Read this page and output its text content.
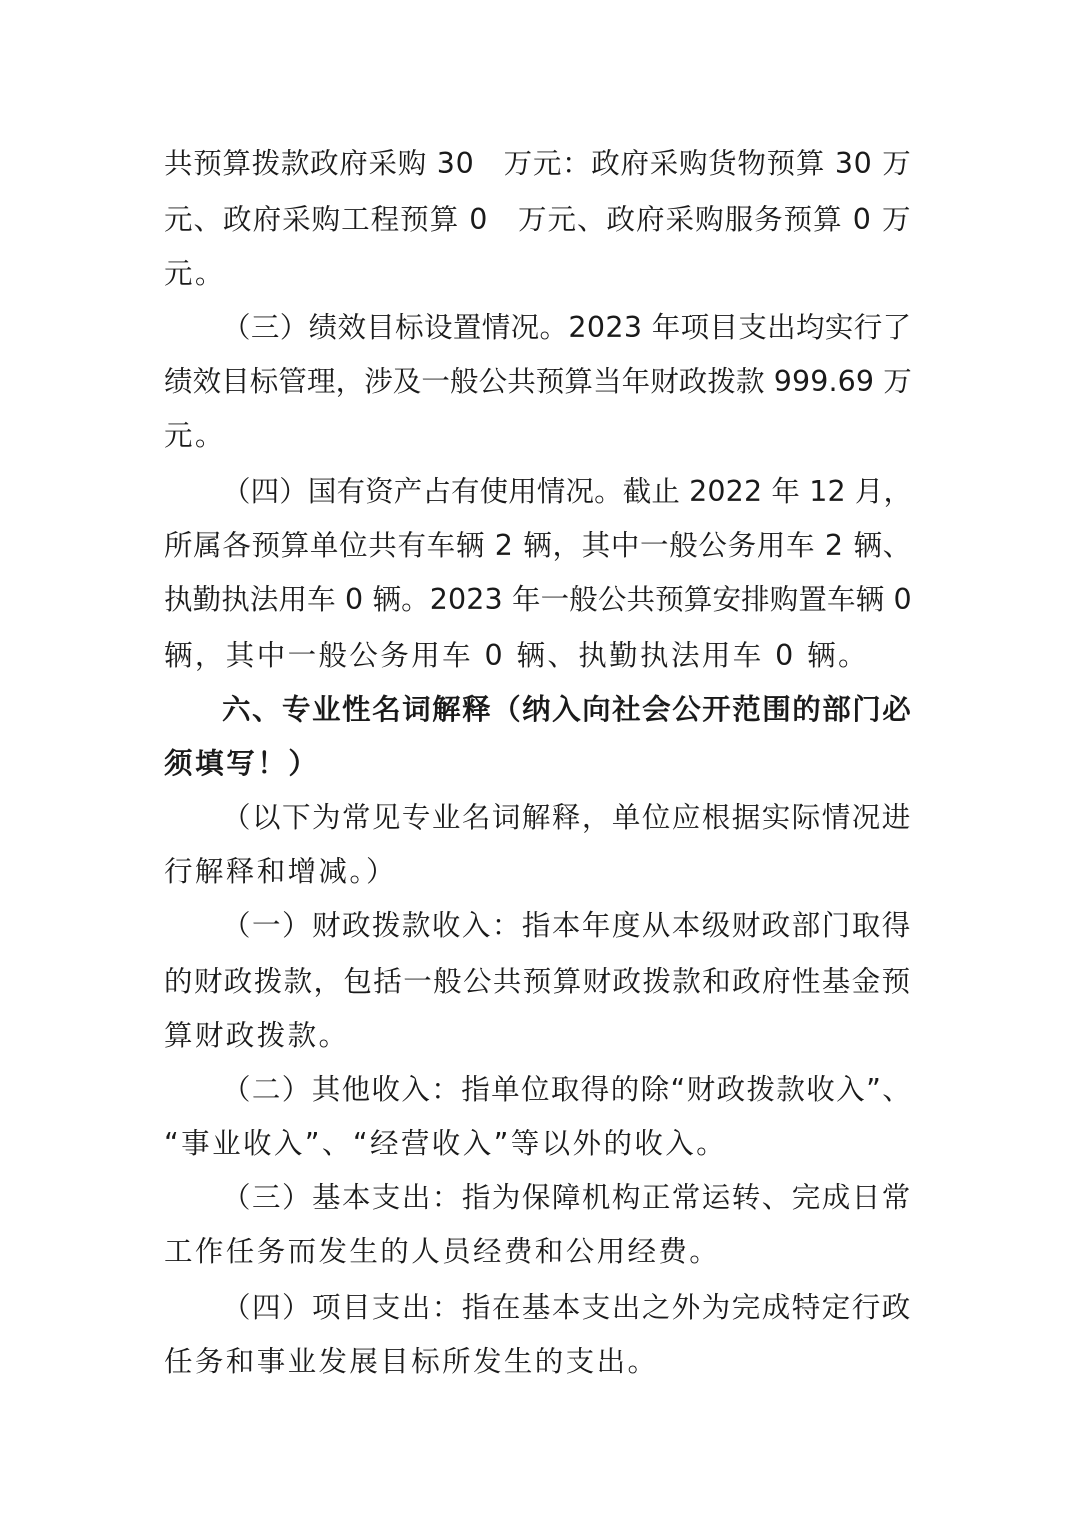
共预算拨款政府采购 30　万元：政府采购货物预算 30 万
元、政府采购工程预算 0　万元、政府采购服务预算 0 万
元。
（三）绩效目标设置情况。2023 年项目支出均实行了
绩效目标管理，涉及一般公共预算当年财政拨款 999.69 万
元。
（四）国有资产占有使用情况。截止 2022 年 12 月，
所属各预算单位共有车辆 2 辆，其中一般公务用车 2 辆、
执勤执法用车 0 辆。2023 年一般公共预算安排购置车辆 0
辆，其中一般公务用车 0 辆、执勤执法用车 0 辆。
六、专业性名词解释（纳入向社会公开范围的部门必
须填写！）
（以下为常见专业名词解释，单位应根据实际情况进
行解释和增减。）
（一）财政拨款收入：指本年度从本级财政部门取得
的财政拨款，包括一般公共预算财政拨款和政府性基金预
算财政拨款。
（二）其他收入：指单位取得的除“财政拨款收入”、
“事业收入”、“经营收入”等以外的收入。
（三）基本支出：指为保障机构正常运转、完成日常
工作任务而发生的人员经费和公用经费。
（四）项目支出：指在基本支出之外为完成特定行政
任务和事业发展目标所发生的支出。
